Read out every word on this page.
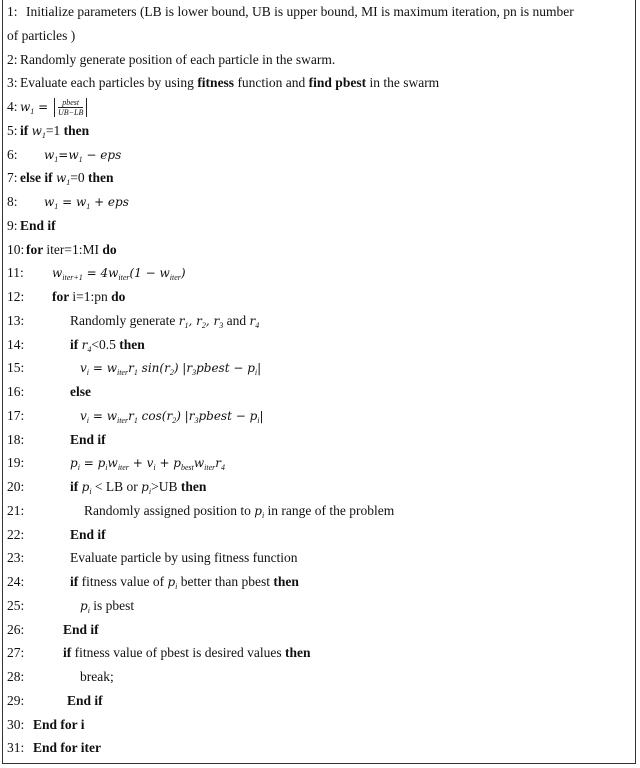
1: Initialize parameters (LB is lower bound, UB is upper bound, MI is maximum iteration, pn is number
of particles )
2: Randomly generate position of each particle in the swarm.
3: Evaluate each particles by using fitness function and find pbest in the swarm
4: $w_1 = \frac{\text{pbest}}{UB-LB}$
5: if $w_1=1$ then
6: $w_1=w_1$ − eps
7: else if $w_1=0$ then
8: $w_1 = w_1$ + eps
9: End if
10: for iter=1:MI do
11: $w_{iter+1} = 4w_{iter}(1 - w_{iter})$
12: for i=1:pn do
13:	Randomly generate $r_1$, $r_2$, $r_3$ and $r_4$
14:	if $r_4<0.5$ then
15:	$v_i = w_{iter}r_1$ $\sin(r_2)$ $|r_3pbest - p_i|$
16:	else
17:	$v_i = w_{iter}r_1$ $\cos(r_2)$ $|r_3pbest - p_i|$
18:	End if
19:	$p_i = p_iw_{iter} + v_i + p_{best}w_{iter}r_4$
20:	if $p_i$ < LB or $p_i>UB$ then
21:	Randomly assigned position to $p_i$ in range of the problem
22:	End if
23:	Evaluate particle by using fitness function
24:	if fitness value of $p_i$ better than pbest then
25:	$p_i$ is pbest
26:	End if
27:	if fitness value of pbest is desired values then
28:	break;
29:	End if
30: End for i
31: End for iter
